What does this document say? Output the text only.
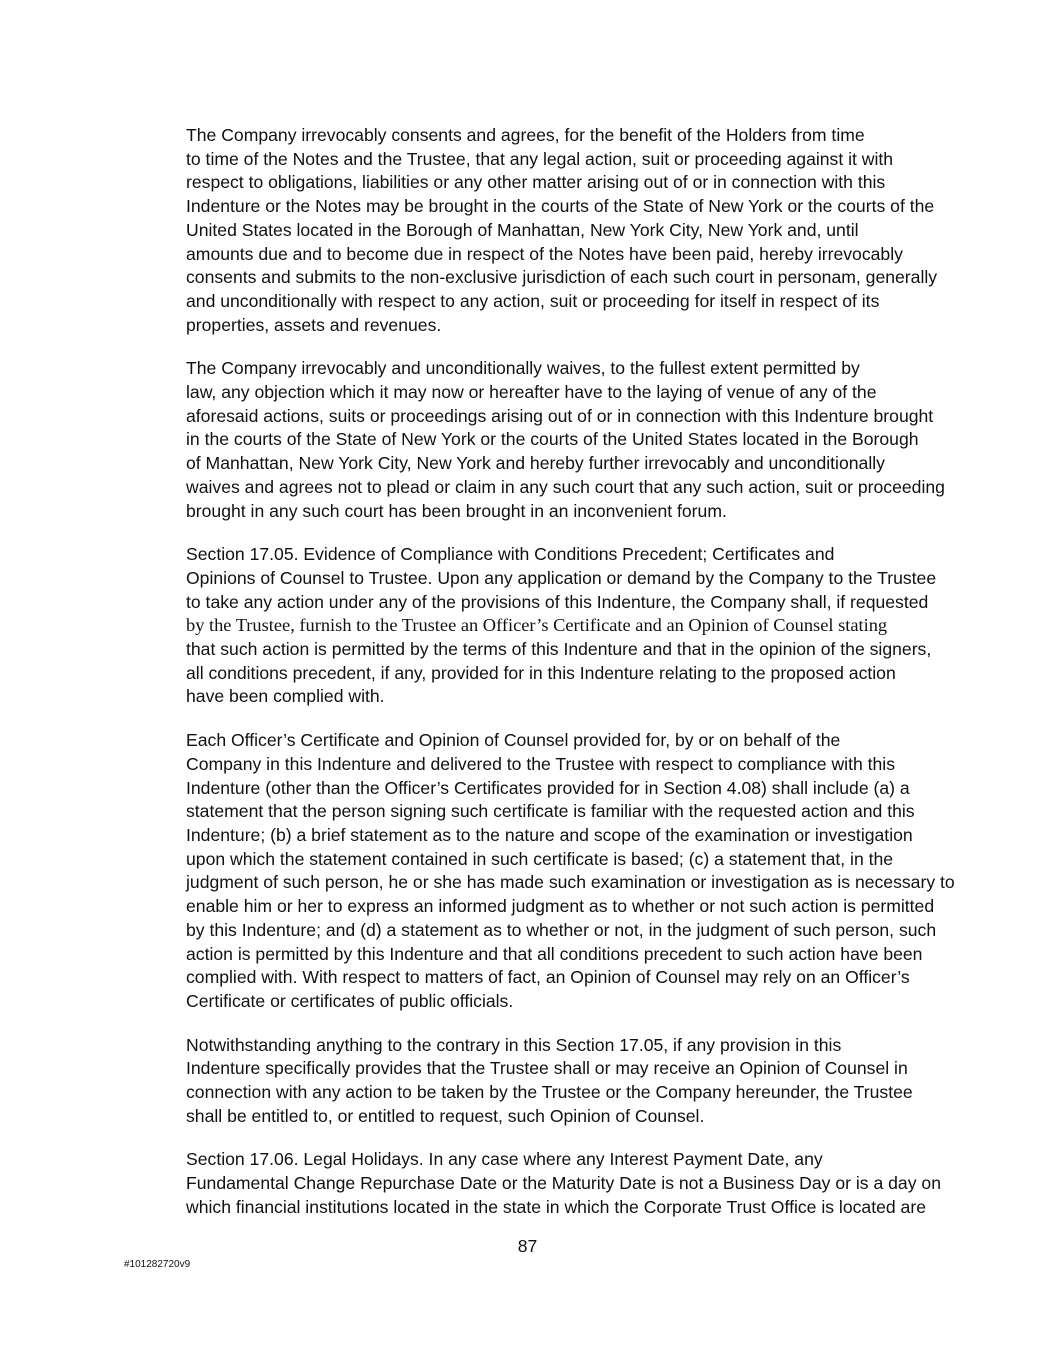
The Company irrevocably consents and agrees, for the benefit of the Holders from time
to time of the Notes and the Trustee, that any legal action, suit or proceeding against it with
respect to obligations, liabilities or any other matter arising out of or in connection with this
Indenture or the Notes may be brought in the courts of the State of New York or the courts of the
United States located in the Borough of Manhattan, New York City, New York and, until
amounts due and to become due in respect of the Notes have been paid, hereby irrevocably
consents and submits to the non-exclusive jurisdiction of each such court in personam, generally
and unconditionally with respect to any action, suit or proceeding for itself in respect of its
properties, assets and revenues.

The Company irrevocably and unconditionally waives, to the fullest extent permitted by
law, any objection which it may now or hereafter have to the laying of venue of any of the
aforesaid actions, suits or proceedings arising out of or in connection with this Indenture brought
in the courts of the State of New York or the courts of the United States located in the Borough
of Manhattan, New York City, New York and hereby further irrevocably and unconditionally
waives and agrees not to plead or claim in any such court that any such action, suit or proceeding
brought in any such court has been brought in an inconvenient forum.

Section 17.05. Evidence of Compliance with Conditions Precedent; Certificates and
Opinions of Counsel to Trustee. Upon any application or demand by the Company to the Trustee
to take any action under any of the provisions of this Indenture, the Company shall, if requested
by the Trustee, furnish to the Trustee an Officer’s Certificate and an Opinion of Counsel stating
that such action is permitted by the terms of this Indenture and that in the opinion of the signers,
all conditions precedent, if any, provided for in this Indenture relating to the proposed action
have been complied with.

Each Officer’s Certificate and Opinion of Counsel provided for, by or on behalf of the
Company in this Indenture and delivered to the Trustee with respect to compliance with this
Indenture (other than the Officer’s Certificates provided for in Section 4.08) shall include (a) a
statement that the person signing such certificate is familiar with the requested action and this
Indenture; (b) a brief statement as to the nature and scope of the examination or investigation
upon which the statement contained in such certificate is based; (c) a statement that, in the
judgment of such person, he or she has made such examination or investigation as is necessary to
enable him or her to express an informed judgment as to whether or not such action is permitted
by this Indenture; and (d) a statement as to whether or not, in the judgment of such person, such
action is permitted by this Indenture and that all conditions precedent to such action have been
complied with. With respect to matters of fact, an Opinion of Counsel may rely on an Officer’s
Certificate or certificates of public officials.

Notwithstanding anything to the contrary in this Section 17.05, if any provision in this
Indenture specifically provides that the Trustee shall or may receive an Opinion of Counsel in
connection with any action to be taken by the Trustee or the Company hereunder, the Trustee
shall be entitled to, or entitled to request, such Opinion of Counsel.

Section 17.06. Legal Holidays. In any case where any Interest Payment Date, any
Fundamental Change Repurchase Date or the Maturity Date is not a Business Day or is a day on
which financial institutions located in the state in which the Corporate Trust Office is located are

87
#101282720v9
